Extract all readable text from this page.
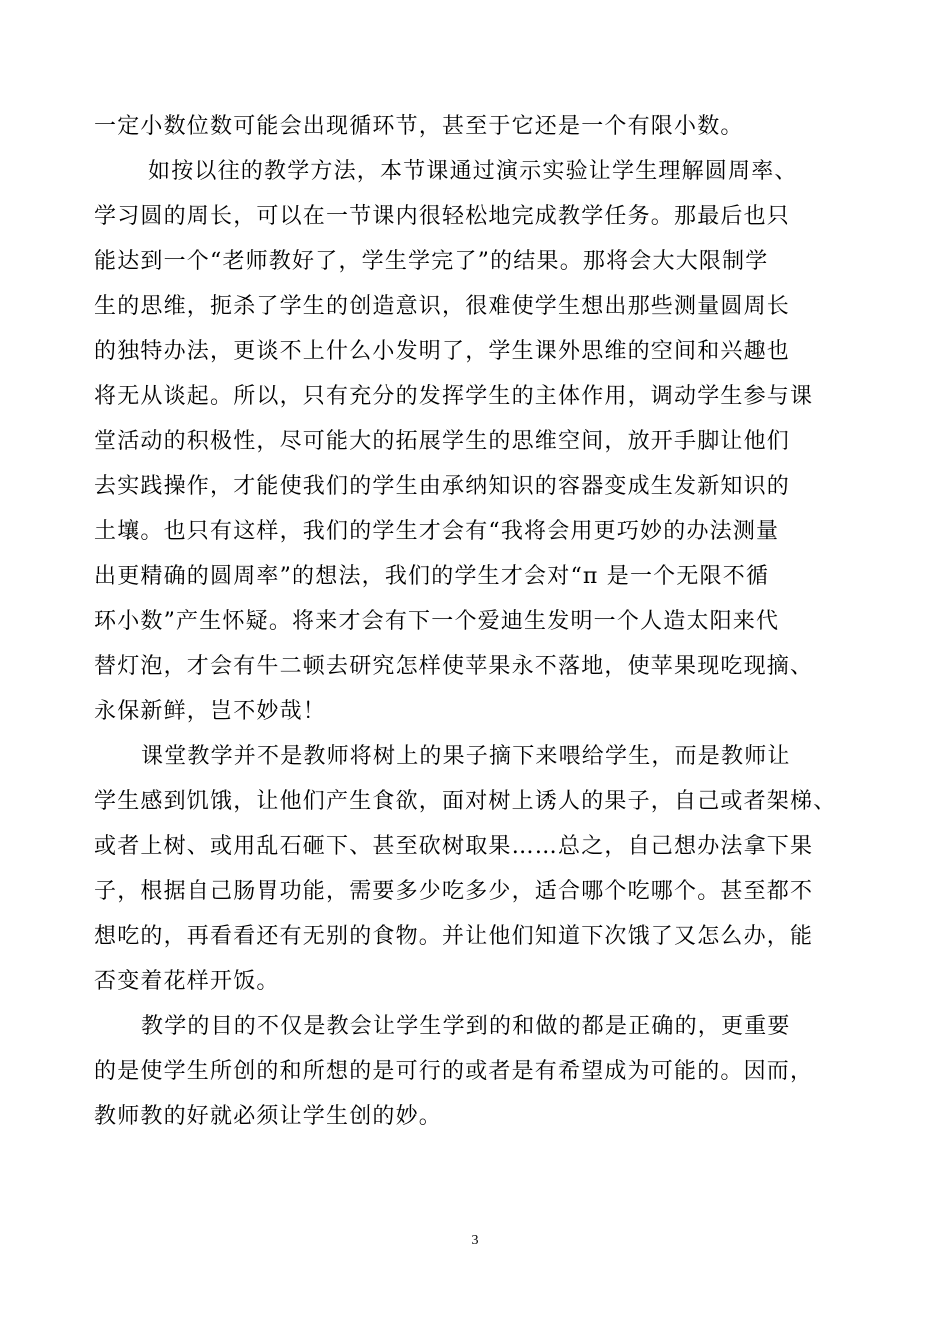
一定小数位数可能会出现循环节，甚至于它还是一个有限小数。

如按以往的教学方法，本节课通过演示实验让学生理解圆周率、
学习圆的周长，可以在一节课内很轻松地完成教学任务。那最后也只
能达到一个“老师教好了，学生学完了”的结果。那将会大大限制学
生的思维，扼杀了学生的创造意识，很难使学生想出那些测量圆周长
的独特办法，更谈不上什么小发明了，学生课外思维的空间和兴趣也
将无从谈起。所以，只有充分的发挥学生的主体作用，调动学生参与课
堂活动的积极性，尽可能大的拓展学生的思维空间，放开手脚让他们
去实践操作，才能使我们的学生由承纳知识的容器变成生发新知识的
土壤。也只有这样，我们的学生才会有“我将会用更巧妙的办法测量
出更精确的圆周率”的想法，我们的学生才会对“π 是一个无限不循
环小数”产生怀疑。将来才会有下一个爱迪生发明一个人造太阳来代
替灯泡，才会有牛二顿去研究怎样使苹果永不落地，使苹果现吃现摘、
永保新鲜，岂不妙哉！

课堂教学并不是教师将树上的果子摘下来喂给学生，而是教师让
学生感到饥饿，让他们产生食欲，面对树上诱人的果子，自己或者架梯、
或者上树、或用乱石砸下、甚至砍树取果……总之，自己想办法拿下果
子，根据自己肠胃功能，需要多少吃多少，适合哪个吃哪个。甚至都不
想吃的，再看看还有无别的食物。并让他们知道下次饿了又怎么办，能
否变着花样开饭。

教学的目的不仅是教会让学生学到的和做的都是正确的，更重要
的是使学生所创的和所想的是可行的或者是有希望成为可能的。因而，
教师教的好就必须让学生创的妙。

3
